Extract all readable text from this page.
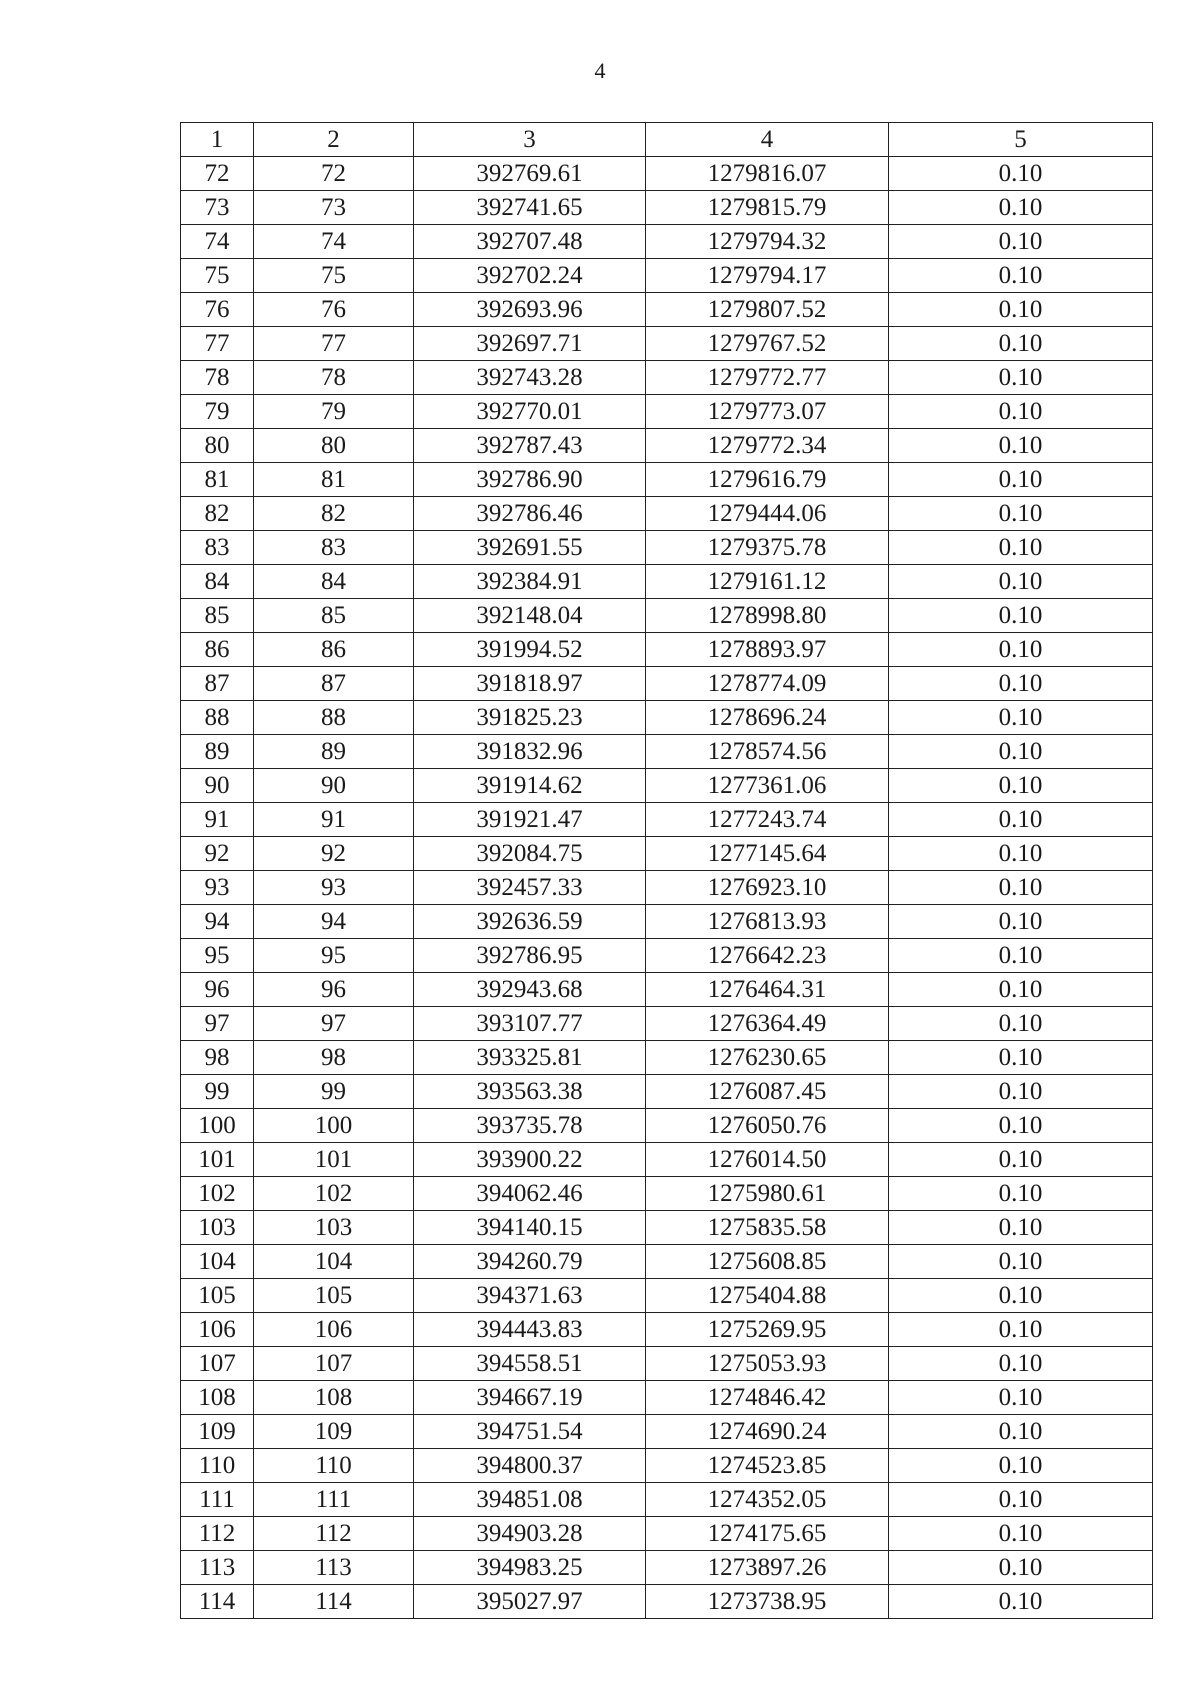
4
1	2	3	4	5
72	72	392769.61	1279816.07	0.10
73	73	392741.65	1279815.79	0.10
74	74	392707.48	1279794.32	0.10
75	75	392702.24	1279794.17	0.10
76	76	392693.96	1279807.52	0.10
77	77	392697.71	1279767.52	0.10
78	78	392743.28	1279772.77	0.10
79	79	392770.01	1279773.07	0.10
80	80	392787.43	1279772.34	0.10
81	81	392786.90	1279616.79	0.10
82	82	392786.46	1279444.06	0.10
83	83	392691.55	1279375.78	0.10
84	84	392384.91	1279161.12	0.10
85	85	392148.04	1278998.80	0.10
86	86	391994.52	1278893.97	0.10
87	87	391818.97	1278774.09	0.10
88	88	391825.23	1278696.24	0.10
89	89	391832.96	1278574.56	0.10
90	90	391914.62	1277361.06	0.10
91	91	391921.47	1277243.74	0.10
92	92	392084.75	1277145.64	0.10
93	93	392457.33	1276923.10	0.10
94	94	392636.59	1276813.93	0.10
95	95	392786.95	1276642.23	0.10
96	96	392943.68	1276464.31	0.10
97	97	393107.77	1276364.49	0.10
98	98	393325.81	1276230.65	0.10
99	99	393563.38	1276087.45	0.10
100	100	393735.78	1276050.76	0.10
101	101	393900.22	1276014.50	0.10
102	102	394062.46	1275980.61	0.10
103	103	394140.15	1275835.58	0.10
104	104	394260.79	1275608.85	0.10
105	105	394371.63	1275404.88	0.10
106	106	394443.83	1275269.95	0.10
107	107	394558.51	1275053.93	0.10
108	108	394667.19	1274846.42	0.10
109	109	394751.54	1274690.24	0.10
110	110	394800.37	1274523.85	0.10
111	111	394851.08	1274352.05	0.10
112	112	394903.28	1274175.65	0.10
113	113	394983.25	1273897.26	0.10
114	114	395027.97	1273738.95	0.10
